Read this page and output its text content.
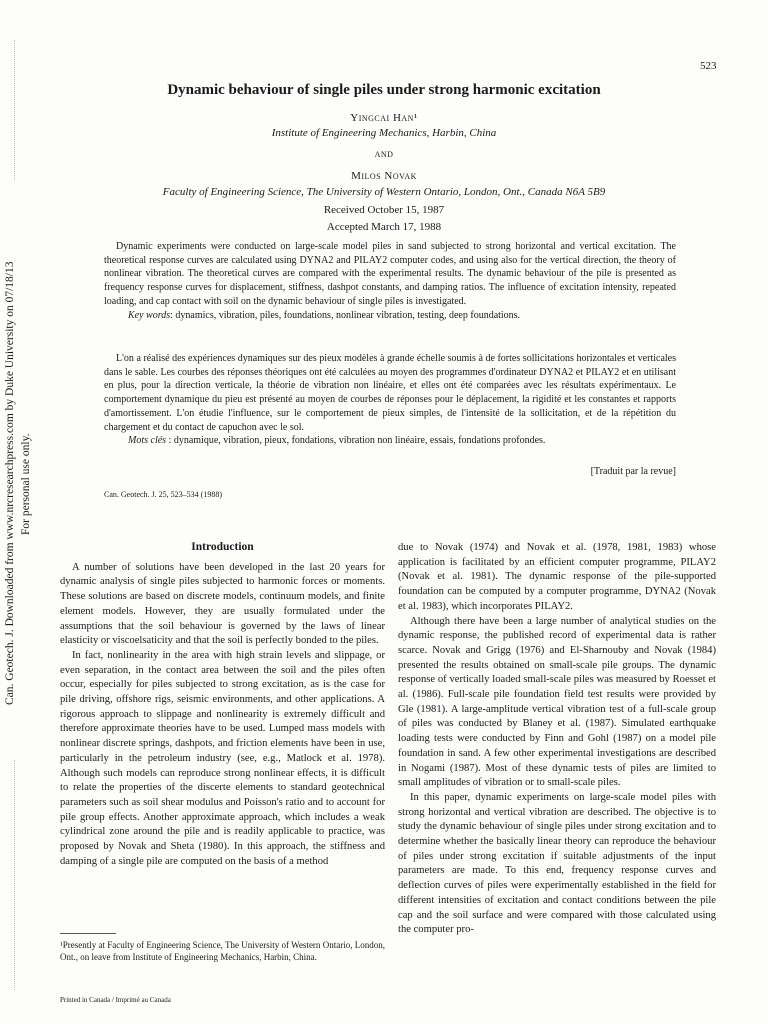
Can. Geotech. J. Downloaded from www.nrcresearchpress.com by Duke University on 07/18/13 For personal use only.
523
Dynamic behaviour of single piles under strong harmonic excitation
Yingcai Han¹
Institute of Engineering Mechanics, Harbin, China
AND
Milos Novak
Faculty of Engineering Science, The University of Western Ontario, London, Ont., Canada N6A 5B9
Received October 15, 1987
Accepted March 17, 1988

Dynamic experiments were conducted on large-scale model piles in sand subjected to strong horizontal and vertical excitation. The theoretical response curves are calculated using DYNA2 and PILAY2 computer codes, and using also for the vertical direction, the theory of nonlinear vibration. The theoretical curves are compared with the experimental results. The dynamic behaviour of the pile is presented as frequency response curves for displacement, stiffness, dashpot constants, and damping ratios. The influence of excitation intensity, repeated loading, and cap contact with soil on the dynamic behaviour of single piles is investigated.

Key words: dynamics, vibration, piles, foundations, nonlinear vibration, testing, deep foundations.

L'on a réalisé des expériences dynamiques sur des pieux modèles à grande échelle soumis à de fortes sollicitations horizontales et verticales dans le sable. Les courbes des réponses théoriques ont été calculées au moyen des programmes d'ordinateur DYNA2 et PILAY2 et en utilisant en plus, pour la direction verticale, la théorie de vibration non linéaire, et elles ont été comparées avec les résultats expérimentaux. Le comportement dynamique du pieu est présenté au moyen de courbes de réponses pour le déplacement, la rigidité et les constantes et rapports d'amortissement. L'on étudie l'influence, sur le comportement de pieux simples, de l'intensité de la sollicitation, et de la répétition du chargement et du contact de capuchon avec le sol.

Mots clés : dynamique, vibration, pieux, fondations, vibration non linéaire, essais, fondations profondes.

[Traduit par la revue]
Can. Geotech. J. 25, 523–534 (1988)
Introduction

A number of solutions have been developed in the last 20 years for dynamic analysis of single piles subjected to harmonic forces or moments. These solutions are based on discrete models, continuum models, and finite element models. However, they are usually formulated under the assumptions that the soil behaviour is governed by the laws of linear elasticity or viscoelsaticity and that the soil is perfectly bonded to the piles.

In fact, nonlinearity in the area with high strain levels and slippage, or even separation, in the contact area between the soil and the piles often occur, especially for piles subjected to strong excitation, as is the case for pile driving, offshore rigs, seismic environments, and other applications. A rigorous approach to slippage and nonlinearity is extremely difficult and therefore approximate theories have to be used. Lumped mass models with nonlinear discrete springs, dashpots, and friction elements have been in use, particularly in the petroleum industry (see, e.g., Matlock et al. 1978). Although such models can reproduce strong nonlinear effects, it is difficult to relate the properties of the discerte elements to standard geotechnical parameters such as soil shear modulus and Poisson's ratio and to account for pile group effects. Another approximate approach, which includes a weak cylindrical zone around the pile and is readily applicable to practice, was proposed by Novak and Sheta (1980). In this approach, the stiffness and damping of a single pile are computed on the basis of a method

due to Novak (1974) and Novak et al. (1978, 1981, 1983) whose application is facilitated by an efficient computer programme, PILAY2 (Novak et al. 1981). The dynamic response of the pile-supported foundation can be computed by a computer programme, DYNA2 (Novak et al. 1983), which incorporates PILAY2.

Although there have been a large number of analytical studies on the dynamic response, the published record of experimental data is rather scarce. Novak and Grigg (1976) and El-Sharnouby and Novak (1984) presented the results obtained on small-scale pile groups. The dynamic response of vertically loaded small-scale piles was measured by Roesset et al. (1986). Full-scale pile foundation field test results were provided by Gle (1981). A large-amplitude vertical vibration test of a full-scale group of piles was conducted by Blaney et al. (1987). Simulated earthquake loading tests were conducted by Finn and Gohl (1987) on a model pile foundation in sand. A few other experimental investigations are described in Nogami (1987). Most of these dynamic tests of piles are limited to small amplitudes of vibration or to small-scale piles.

In this paper, dynamic experiments on large-scale model piles with strong horizontal and vertical vibration are described. The objective is to study the dynamic behaviour of single piles under strong excitation and to determine whether the basically linear theory can reproduce the behaviour of piles under strong excitation if suitable adjustments of the input parameters are made. To this end, frequency response curves and deflection curves of piles were experimentally established in the field for different intensities of excitation and contact conditions between the pile cap and the soil surface and were compared with those calculated using the computer pro-

¹Presently at Faculty of Engineering Science, The University of Western Ontario, London, Ont., on leave from Institute of Engineering Mechanics, Harbin, China.
Printed in Canada / Imprimé au Canada
